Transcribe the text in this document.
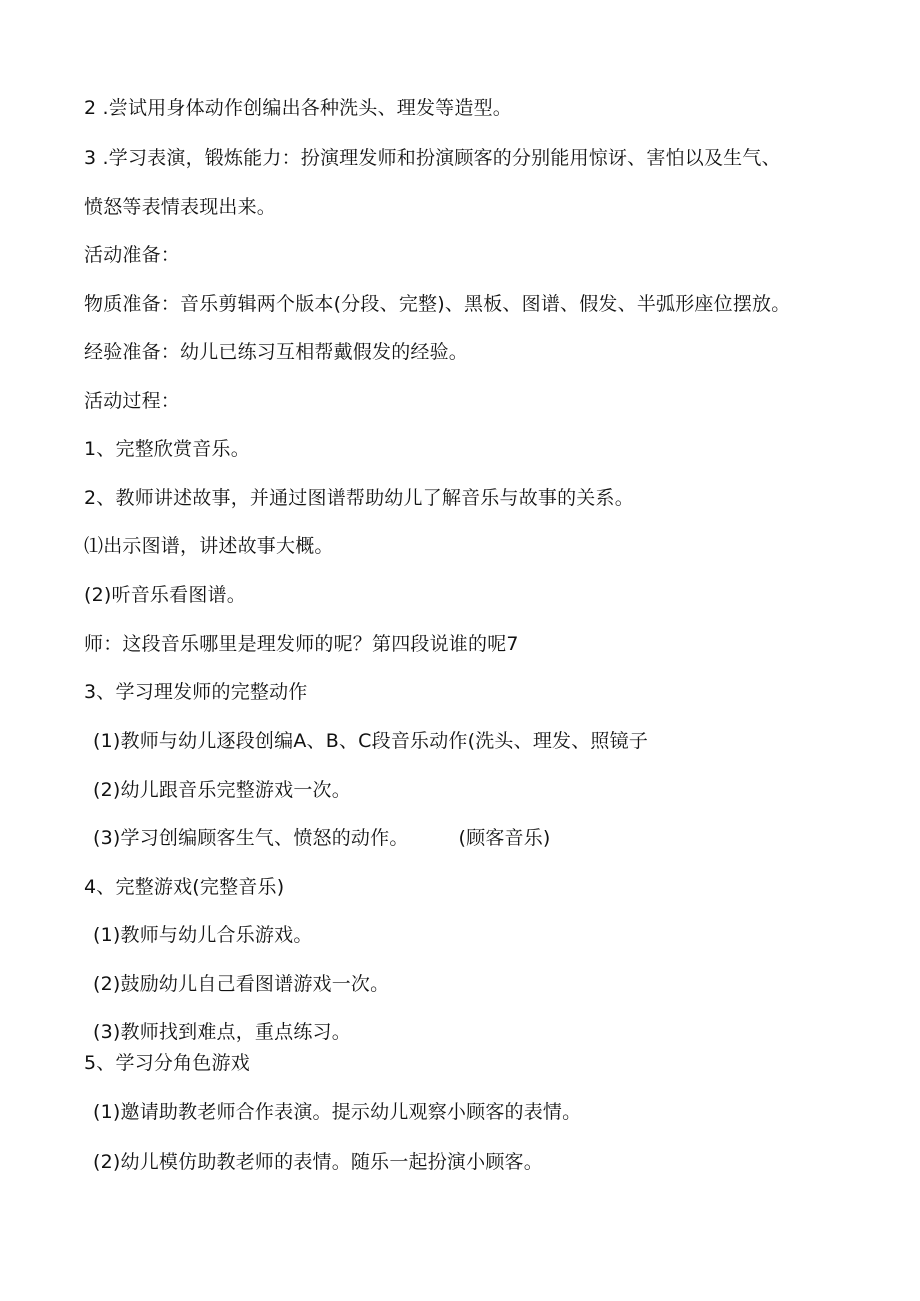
2 .尝试用身体动作创编出各种洗头、理发等造型。
3 .学习表演，锻炼能力：扮演理发师和扮演顾客的分别能用惊讶、害怕以及生气、
愤怒等表情表现出来。
活动准备：
物质准备：音乐剪辑两个版本(分段、完整)、黑板、图谱、假发、半弧形座位摆放。
经验准备：幼儿已练习互相帮戴假发的经验。
活动过程：
1、完整欣赏音乐。
2、教师讲述故事，并通过图谱帮助幼儿了解音乐与故事的关系。
⑴出示图谱，讲述故事大概。
(2)听音乐看图谱。
师：这段音乐哪里是理发师的呢？第四段说谁的呢7
3、学习理发师的完整动作
(1)教师与幼儿逐段创编A、B、C段音乐动作(洗头、理发、照镜子
(2)幼儿跟音乐完整游戏一次。
(3)学习创编顾客生气、愤怒的动作。	(顾客音乐)
4、完整游戏(完整音乐)
(1)教师与幼儿合乐游戏。
(2)鼓励幼儿自己看图谱游戏一次。
(3)教师找到难点，重点练习。
5、学习分角色游戏
(1)邀请助教老师合作表演。提示幼儿观察小顾客的表情。
(2)幼儿模仿助教老师的表情。随乐一起扮演小顾客。
